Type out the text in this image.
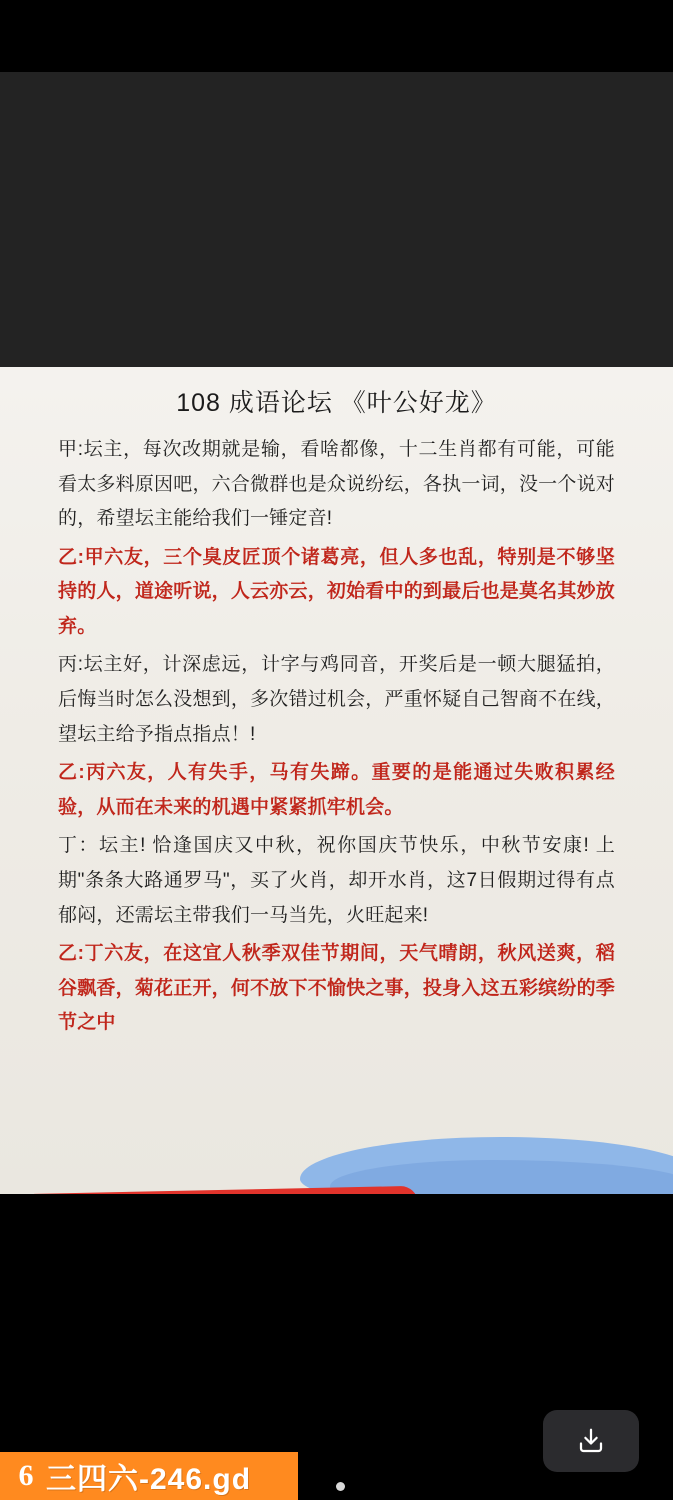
108 成语论坛 《叶公好龙》

甲:坛主，每次改期就是输，看啥都像，十二生肖都有可能，可能看太多料原因吧，六合微群也是众说纷纭，各执一词，没一个说对的，希望坛主能给我们一锤定音!

乙:甲六友，三个臭皮匠顶个诸葛亮，但人多也乱，特别是不够坚持的人，道途听说，人云亦云，初始看中的到最后也是莫名其妙放弃。

丙:坛主好，计深虑远，计字与鸡同音，开奖后是一顿大腿猛拍，后悔当时怎么没想到，多次错过机会，严重怀疑自己智商不在线，望坛主给予指点指点！!

乙:丙六友，人有失手，马有失蹄。重要的是能通过失败积累经验，从而在未来的机遇中紧紧抓牢机会。

丁：坛主! 恰逢国庆又中秋，祝你国庆节快乐，中秋节安康! 上期"条条大路通罗马"，买了火肖，却开水肖，这7日假期过得有点郁闷，还需坛主带我们一马当先，火旺起来!

乙:丁六友，在这宜人秋季双佳节期间，天气晴朗，秋风送爽，稻谷飘香，菊花正开，何不放下不愉快之事，投身入这五彩缤纷的季节之中

6 三四六-246.gd
